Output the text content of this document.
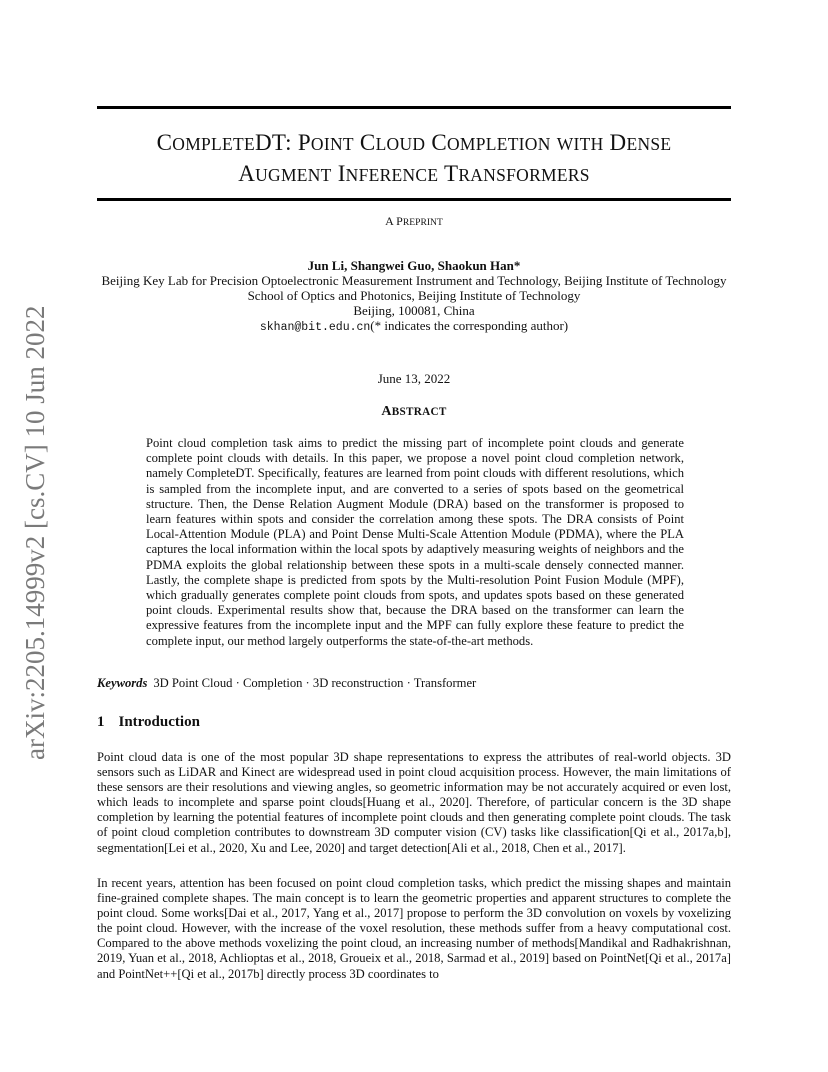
arXiv:2205.14999v2 [cs.CV] 10 Jun 2022
COMPLETEDT: POINT CLOUD COMPLETION WITH DENSE
AUGMENT INFERENCE TRANSFORMERS
A PREPRINT
Jun Li, Shangwei Guo, Shaokun Han*
Beijing Key Lab for Precision Optoelectronic Measurement Instrument and Technology, Beijing Institute of Technology
School of Optics and Photonics, Beijing Institute of Technology
Beijing, 100081, China
skhan@bit.edu.cn(* indicates the corresponding author)
June 13, 2022
ABSTRACT

Point cloud completion task aims to predict the missing part of incomplete point clouds and generate complete point clouds with details. In this paper, we propose a novel point cloud completion network, namely CompleteDT. Specifically, features are learned from point clouds with different resolutions, which is sampled from the incomplete input, and are converted to a series of spots based on the geometrical structure. Then, the Dense Relation Augment Module (DRA) based on the transformer is proposed to learn features within spots and consider the correlation among these spots. The DRA consists of Point Local-Attention Module (PLA) and Point Dense Multi-Scale Attention Module (PDMA), where the PLA captures the local information within the local spots by adaptively measuring weights of neighbors and the PDMA exploits the global relationship between these spots in a multi-scale densely connected manner. Lastly, the complete shape is predicted from spots by the Multi-resolution Point Fusion Module (MPF), which gradually generates complete point clouds from spots, and updates spots based on these generated point clouds. Experimental results show that, because the DRA based on the transformer can learn the expressive features from the incomplete input and the MPF can fully explore these feature to predict the complete input, our method largely outperforms the state-of-the-art methods.

Keywords 3D Point Cloud · Completion · 3D reconstruction · Transformer
1 Introduction

Point cloud data is one of the most popular 3D shape representations to express the attributes of real-world objects. 3D sensors such as LiDAR and Kinect are widespread used in point cloud acquisition process. However, the main limitations of these sensors are their resolutions and viewing angles, so geometric information may be not accurately acquired or even lost, which leads to incomplete and sparse point clouds[Huang et al., 2020]. Therefore, of particular concern is the 3D shape completion by learning the potential features of incomplete point clouds and then generating complete point clouds. The task of point cloud completion contributes to downstream 3D computer vision (CV) tasks like classification[Qi et al., 2017a,b], segmentation[Lei et al., 2020, Xu and Lee, 2020] and target detection[Ali et al., 2018, Chen et al., 2017].

In recent years, attention has been focused on point cloud completion tasks, which predict the missing shapes and maintain fine-grained complete shapes. The main concept is to learn the geometric properties and apparent structures to complete the point cloud. Some works[Dai et al., 2017, Yang et al., 2017] propose to perform the 3D convolution on voxels by voxelizing the point cloud. However, with the increase of the voxel resolution, these methods suffer from a heavy computational cost. Compared to the above methods voxelizing the point cloud, an increasing number of methods[Mandikal and Radhakrishnan, 2019, Yuan et al., 2018, Achlioptas et al., 2018, Groueix et al., 2018, Sarmad et al., 2019] based on PointNet[Qi et al., 2017a] and PointNet++[Qi et al., 2017b] directly process 3D coordinates to
